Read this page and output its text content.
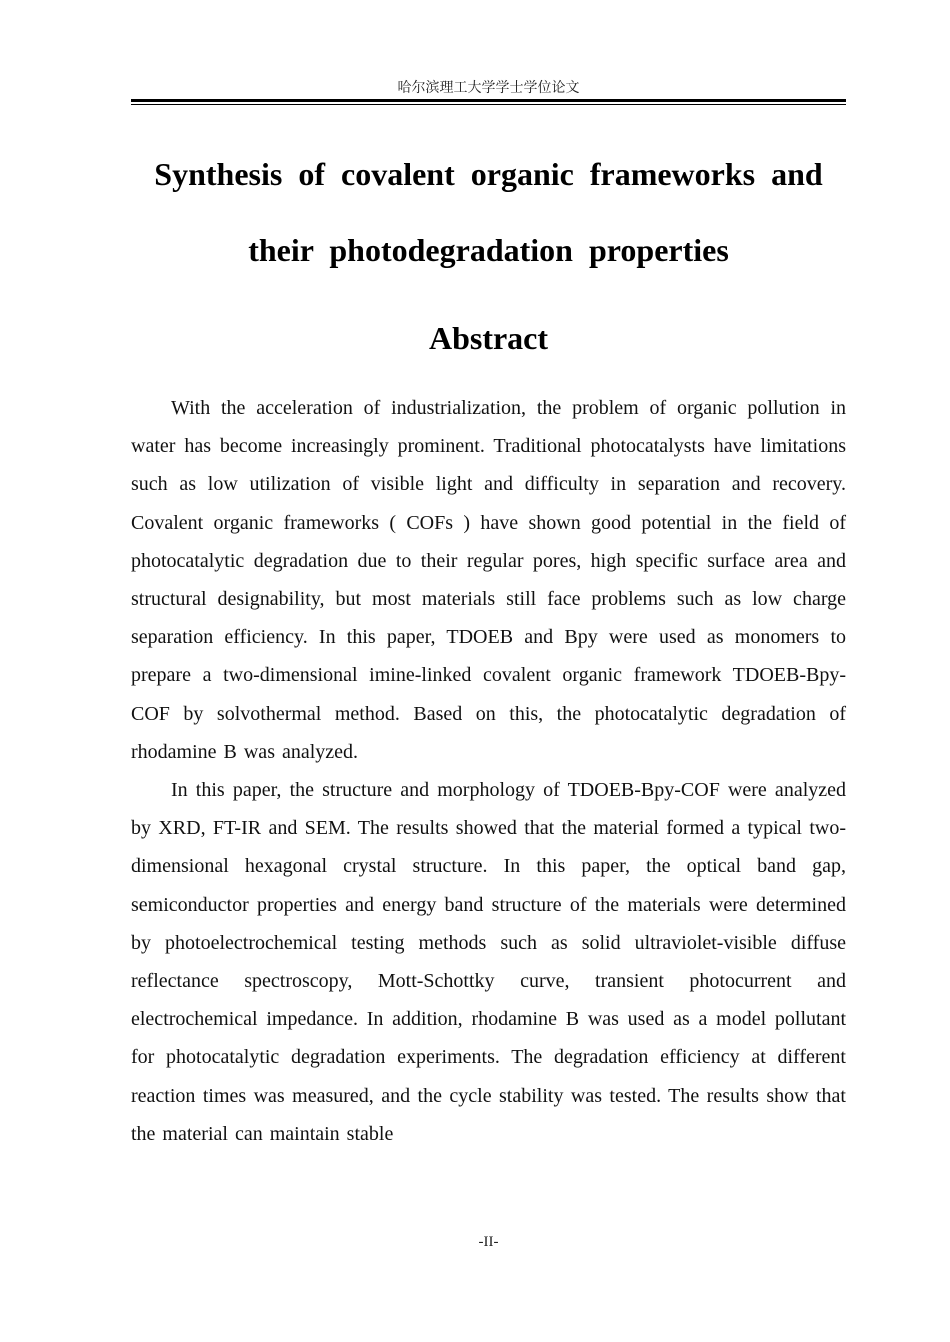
哈尔滨理工大学学士学位论文
Synthesis of covalent organic frameworks and
their photodegradation properties
Abstract

With the acceleration of industrialization, the problem of organic pollution in water has become increasingly prominent. Traditional photocatalysts have limitations such as low utilization of visible light and difficulty in separation and recovery. Covalent organic frameworks ( COFs ) have shown good potential in the field of photocatalytic degradation due to their regular pores, high specific surface area and structural designability, but most materials still face problems such as low charge separation efficiency. In this paper, TDOEB and Bpy were used as monomers to prepare a two-dimensional imine-linked covalent organic framework TDOEB-Bpy-COF by solvothermal method. Based on this, the photocatalytic degradation of rhodamine B was analyzed.

In this paper, the structure and morphology of TDOEB-Bpy-COF were analyzed by XRD, FT-IR and SEM. The results showed that the material formed a typical two-dimensional hexagonal crystal structure. In this paper, the optical band gap, semiconductor properties and energy band structure of the materials were determined by photoelectrochemical testing methods such as solid ultraviolet-visible diffuse reflectance spectroscopy, Mott-Schottky curve, transient photocurrent and electrochemical impedance. In addition, rhodamine B was used as a model pollutant for photocatalytic degradation experiments. The degradation efficiency at different reaction times was measured, and the cycle stability was tested. The results show that the material can maintain stable

-II-
